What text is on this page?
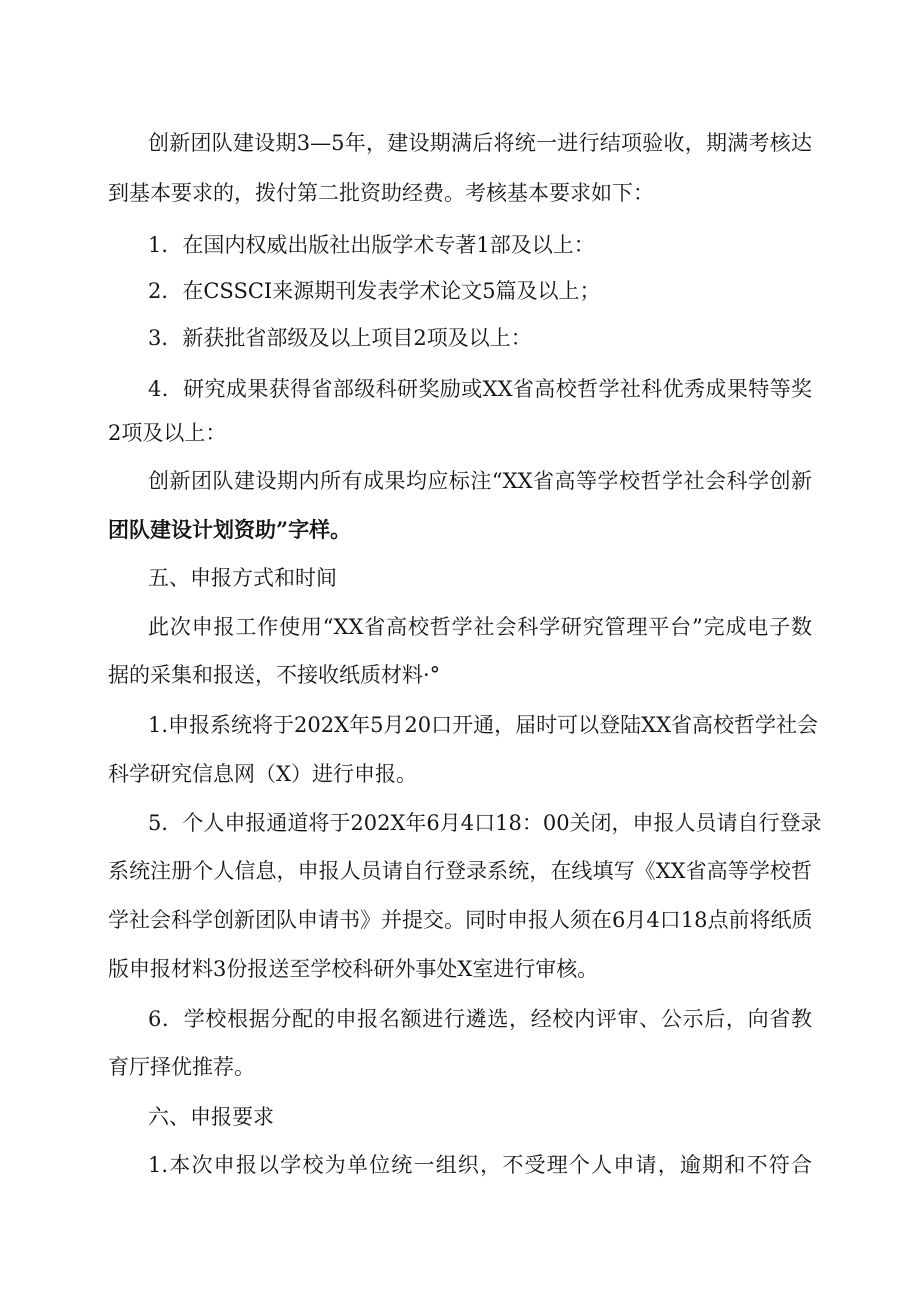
创新团队建设期3—5年，建设期满后将统一进行结项验收，期满考核达

到基本要求的，拨付第二批资助经费。考核基本要求如下：

1．在国内权威出版社出版学术专著1部及以上：

2．在CSSCI来源期刊发表学术论文5篇及以上；

3．新获批省部级及以上项目2项及以上：

4．研究成果获得省部级科研奖励或XX省高校哲学社科优秀成果特等奖

2项及以上：

创新团队建设期内所有成果均应标注“XX省高等学校哲学社会科学创新

团队建设计划资助”字样。

五、申报方式和时间

此次申报工作使用“XX省高校哲学社会科学研究管理平台”完成电子数

据的采集和报送，不接收纸质材料·°

1.申报系统将于202X年5月20口开通，届时可以登陆XX省高校哲学社会

科学研究信息网（X）进行申报。

5．个人申报通道将于202X年6月4口18：00关闭，申报人员请自行登录

系统注册个人信息，申报人员请自行登录系统，在线填写《XX省高等学校哲

学社会科学创新团队申请书》并提交。同时申报人须在6月4口18点前将纸质

版申报材料3份报送至学校科研外事处X室进行审核。

6．学校根据分配的申报名额进行遴选，经校内评审、公示后，向省教

育厅择优推荐。

六、申报要求

1.本次申报以学校为单位统一组织，不受理个人申请，逾期和不符合
